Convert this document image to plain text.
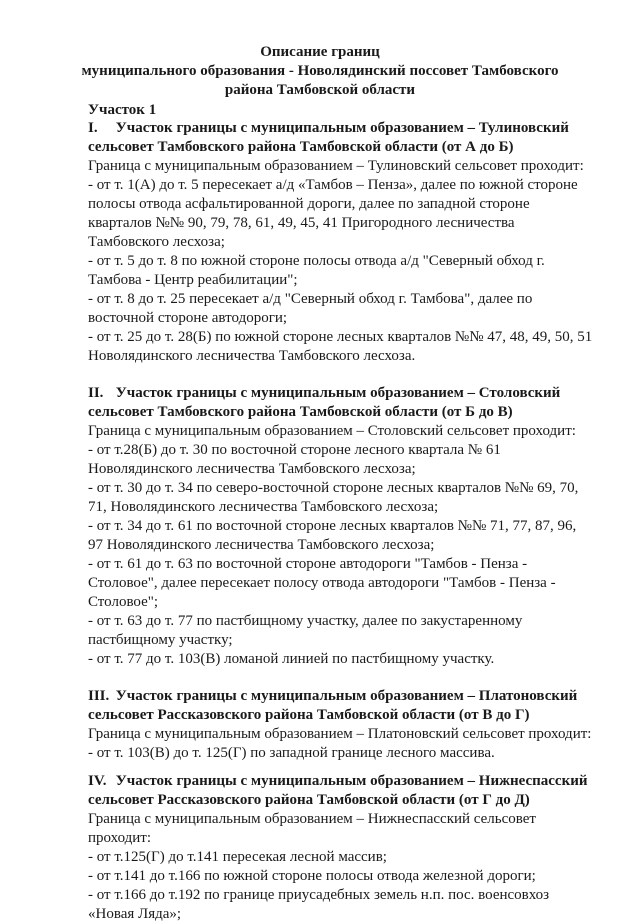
Описание границ
муниципального образования - Новолядинский поссовет Тамбовского
района Тамбовской области
Участок 1
I. Участок границы с муниципальным образованием – Тулиновский
сельсовет Тамбовского района Тамбовской области (от А до Б)
Граница с муниципальным образованием – Тулиновский сельсовет проходит:
- от т. 1(А) до т. 5 пересекает а/д «Тамбов – Пенза», далее по южной стороне
полосы отвода асфальтированной дороги, далее по западной стороне
кварталов №№ 90, 79, 78, 61, 49, 45, 41 Пригородного лесничества
Тамбовского лесхоза;
- от т. 5 до т. 8 по южной стороне полосы отвода а/д "Северный обход г.
Тамбова - Центр реабилитации";
- от т. 8 до т. 25 пересекает а/д "Северный обход г. Тамбова", далее по
восточной стороне автодороги;
- от т. 25 до т. 28(Б) по южной стороне лесных кварталов №№ 47, 48, 49, 50, 51
Новолядинского лесничества Тамбовского лесхоза.
II. Участок границы с муниципальным образованием – Столовский
сельсовет Тамбовского района Тамбовской области (от Б до В)
Граница с муниципальным образованием – Столовский сельсовет проходит:
- от т.28(Б) до т. 30 по восточной стороне лесного квартала № 61
Новолядинского лесничества Тамбовского лесхоза;
- от т. 30 до т. 34 по северо-восточной стороне лесных кварталов №№ 69, 70,
71, Новолядинского лесничества Тамбовского лесхоза;
- от т. 34 до т. 61 по восточной стороне лесных кварталов №№ 71, 77, 87, 96,
97 Новолядинского лесничества Тамбовского лесхоза;
- от т. 61 до т. 63 по восточной стороне автодороги "Тамбов - Пенза -
Столовое", далее пересекает полосу отвода автодороги "Тамбов - Пенза -
Столовое";
- от т. 63 до т. 77 по пастбищному участку, далее по закустаренному
пастбищному участку;
- от т. 77 до т. 103(В) ломаной линией по пастбищному участку.
III. Участок границы с муниципальным образованием – Платоновский
сельсовет Рассказовского района Тамбовской области (от В до Г)
Граница с муниципальным образованием – Платоновский сельсовет проходит:
- от т. 103(В) до т. 125(Г) по западной границе лесного массива.
IV. Участок границы с муниципальным образованием – Нижнеспасский
сельсовет Рассказовского района Тамбовской области (от Г до Д)
Граница с муниципальным образованием – Нижнеспасский сельсовет
проходит:
- от т.125(Г) до т.141 пересекая лесной массив;
- от т.141 до т.166 по южной стороне полосы отвода железной дороги;
- от т.166 до т.192 по границе приусадебных земель н.п. пос. военсовхоз
«Новая Ляда»;
